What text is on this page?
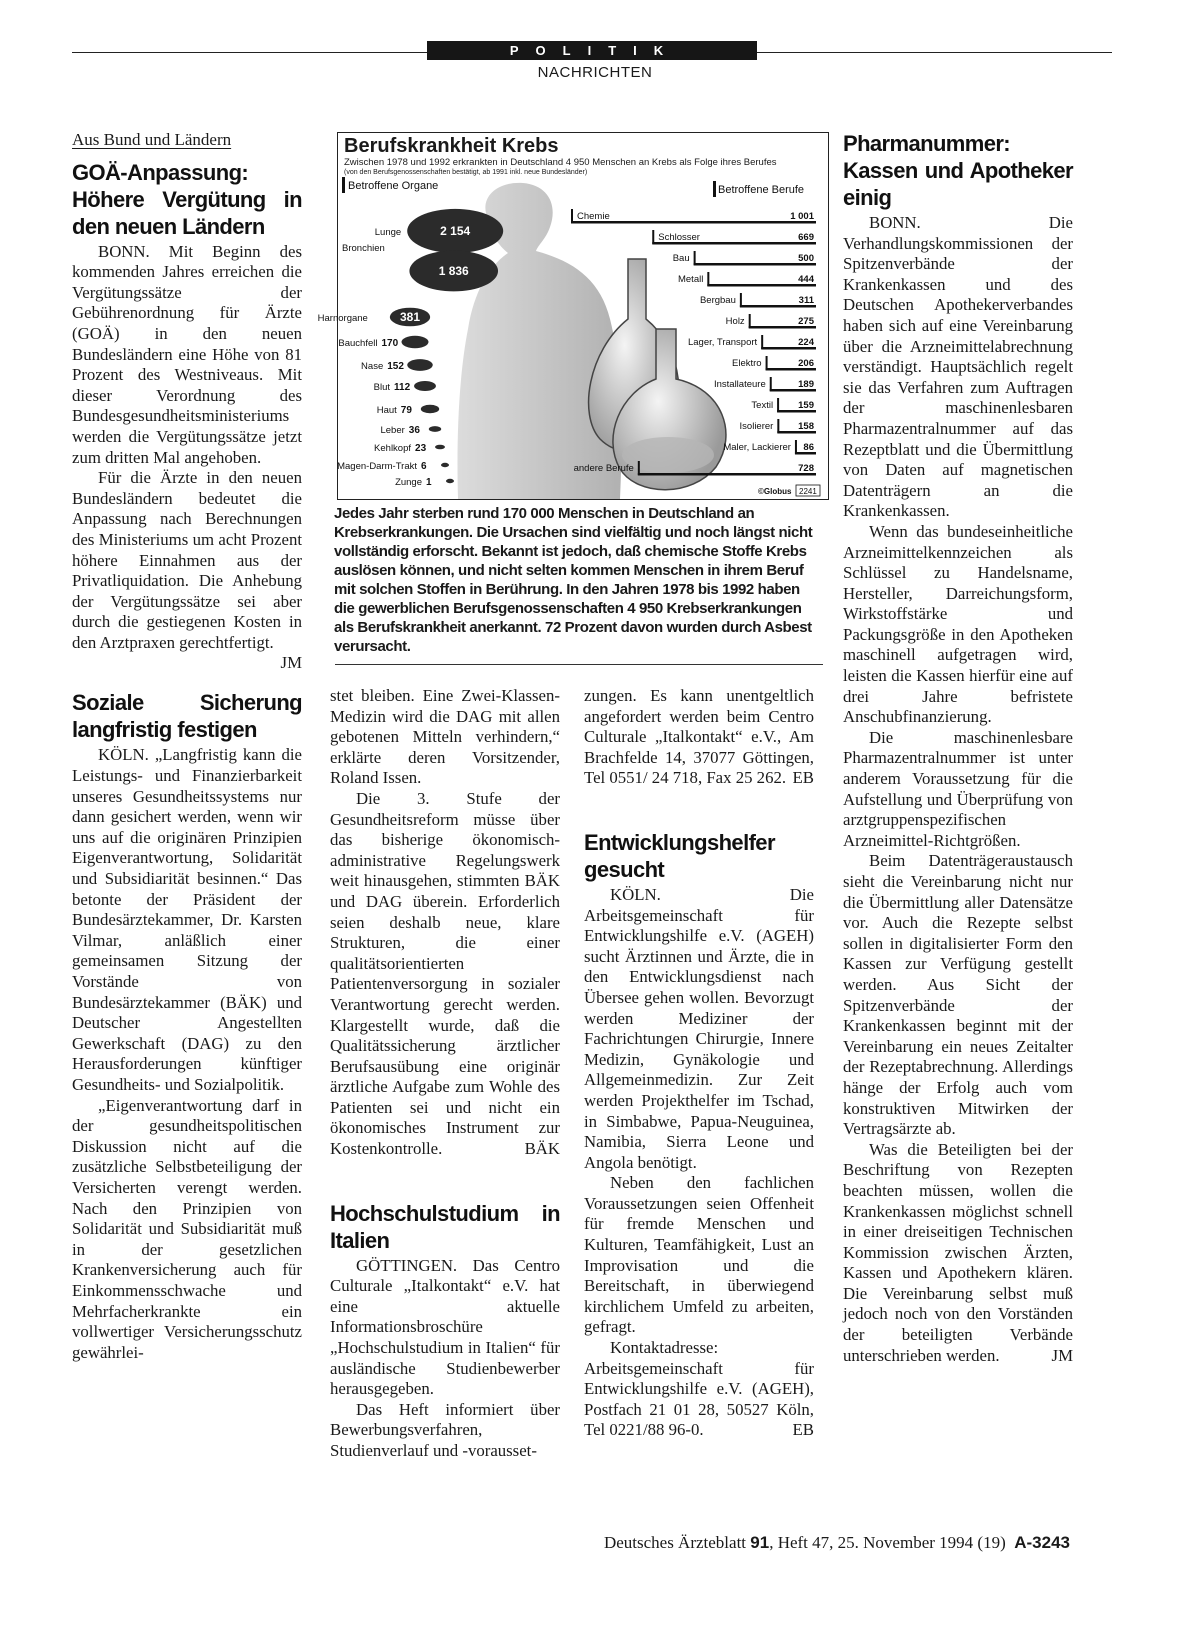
POLITIK
NACHRICHTEN
Aus Bund und Ländern
GOÄ-Anpassung: Höhere Vergütung in den neuen Ländern

BONN. Mit Beginn des kommenden Jahres erreichen die Vergütungssätze der Gebührenordnung für Ärzte (GOÄ) in den neuen Bundesländern eine Höhe von 81 Prozent des Westniveaus. Mit dieser Verordnung des Bundesgesundheitsministeriums werden die Vergütungssätze jetzt zum dritten Mal angehoben.

Für die Ärzte in den neuen Bundesländern bedeutet die Anpassung nach Berechnungen des Ministeriums um acht Prozent höhere Einnahmen aus der Privatliquidation. Die Anhebung der Vergütungssätze sei aber durch die gestiegenen Kosten in den Arztpraxen gerechtfertigt.
JM

Soziale Sicherung langfristig festigen

KÖLN. „Langfristig kann die Leistungs- und Finanzierbarkeit unseres Gesundheitssystems nur dann gesichert werden, wenn wir uns auf die originären Prinzipien Eigenverantwortung, Solidarität und Subsidiarität besinnen.“ Das betonte der Präsident der Bundesärztekammer, Dr. Karsten Vilmar, anläßlich einer gemeinsamen Sitzung der Vorstände von Bundesärztekammer (BÄK) und Deutscher Angestellten Gewerkschaft (DAG) zu den Herausforderungen künftiger Gesundheits- und Sozialpolitik.

„Eigenverantwortung darf in der gesundheitspolitischen Diskussion nicht auf die zusätzliche Selbstbeteiligung der Versicherten verengt werden. Nach den Prinzipien von Solidarität und Subsidiarität muß in der gesetzlichen Krankenversicherung auch für Einkommensschwache und Mehrfacherkrankte ein vollwertiger Versicherungsschutz gewährlei-

Berufskrankheit Krebs
Zwischen 1978 und 1992 erkrankten in Deutschland 4 950 Menschen an Krebs als Folge ihres Berufes
(von den Berufsgenossenschaften bestätigt, ab 1991 inkl. neue Bundesländer)
Betroffene Organe	Betroffene Berufe
Lunge	2 154
Bronchien
1 836
Harnorgane	381
Bauchfell 170
Nase 152
Blut 112
Haut 79
Leber 36
Kehlkopf 23
Magen-Darm-Trakt 6
Zunge 1
Chemie	1 001
Schlosser	669
Bau	500
Metall	444
Bergbau	311
Holz	275
Lager, Transport	224
Elektro	206
Installateure	189
Textil	159
Isolierer	158
Maler, Lackierer 86
andere Berufe	728
©Globus 2241
Jedes Jahr sterben rund 170 000 Menschen in Deutschland an Krebserkrankungen. Die Ursachen sind vielfältig und noch längst nicht vollständig erforscht. Bekannt ist jedoch, daß chemische Stoffe Krebs auslösen können, und nicht selten kommen Menschen in ihrem Beruf mit solchen Stoffen in Berührung. In den Jahren 1978 bis 1992 haben die gewerblichen Berufsgenossenschaften 4 950 Krebserkrankungen als Berufskrankheit anerkannt. 72 Prozent davon wurden durch Asbest verursacht.

stet bleiben. Eine Zwei-Klassen-Medizin wird die DAG mit allen gebotenen Mitteln verhindern,“ erklärte deren Vorsitzender, Roland Issen.

Die 3. Stufe der Gesundheitsreform müsse über das bisherige ökonomisch-administrative Regelungswerk weit hinausgehen, stimmten BÄK und DAG überein. Erforderlich seien deshalb neue, klare Strukturen, die einer qualitätsorientierten Patientenversorgung in sozialer Verantwortung gerecht werden. Klargestellt wurde, daß die Qualitätssicherung ärztlicher Berufsausübung eine originär ärztliche Aufgabe zum Wohle des Patienten sei und nicht ein ökonomisches Instrument zur Kostenkontrolle.	BÄK

Hochschulstudium in Italien

GÖTTINGEN. Das Centro Culturale „Italkontakt“ e.V. hat eine aktuelle Informationsbroschüre „Hochschulstudium in Italien“ für ausländische Studienbewerber herausgegeben.

Das Heft informiert über Bewerbungsverfahren, Studienverlauf und -vorausset-

zungen. Es kann unentgeltlich angefordert werden beim Centro Culturale „Italkontakt“ e.V., Am Brachfelde 14, 37077 Göttingen, Tel 0551/ 24 718, Fax 25 262. EB

Entwicklungshelfer gesucht

KÖLN. Die Arbeitsgemeinschaft für Entwicklungshilfe e.V. (AGEH) sucht Ärztinnen und Ärzte, die in den Entwicklungsdienst nach Übersee gehen wollen. Bevorzugt werden Mediziner der Fachrichtungen Chirurgie, Innere Medizin, Gynäkologie und Allgemeinmedizin. Zur Zeit werden Projekthelfer im Tschad, in Simbabwe, Papua-Neuguinea, Namibia, Sierra Leone und Angola benötigt.

Neben den fachlichen Voraussetzungen seien Offenheit für fremde Menschen und Kulturen, Teamfähigkeit, Lust an Improvisation und die Bereitschaft, in überwiegend kirchlichem Umfeld zu arbeiten, gefragt.

Kontaktadresse: Arbeitsgemeinschaft für Entwicklungshilfe e.V. (AGEH), Postfach 21 01 28, 50527 Köln, Tel 0221/88 96-0.	EB

Pharmanummer: Kassen und Apotheker einig

BONN. Die Verhandlungskommissionen der Spitzenverbände der Krankenkassen und des Deutschen Apothekerverbandes haben sich auf eine Vereinbarung über die Arzneimittelabrechnung verständigt. Hauptsächlich regelt sie das Verfahren zum Auftragen der maschinenlesbaren Pharmazentralnummer auf das Rezeptblatt und die Übermittlung von Daten auf magnetischen Datenträgern an die Krankenkassen.

Wenn das bundeseinheitliche Arzneimittelkennzeichen als Schlüssel zu Handelsname, Hersteller, Darreichungsform, Wirkstoffstärke und Packungsgröße in den Apotheken maschinell aufgetragen wird, leisten die Kassen hierfür eine auf drei Jahre befristete Anschubfinanzierung.

Die maschinenlesbare Pharmazentralnummer ist unter anderem Voraussetzung für die Aufstellung und Überprüfung von arztgruppenspezifischen Arzneimittel-Richtgrößen.

Beim Datenträgeraustausch sieht die Vereinbarung nicht nur die Übermittlung aller Datensätze vor. Auch die Rezepte selbst sollen in digitalisierter Form den Kassen zur Verfügung gestellt werden. Aus Sicht der Spitzenverbände der Krankenkassen beginnt mit der Vereinbarung ein neues Zeitalter der Rezeptabrechnung. Allerdings hänge der Erfolg auch vom konstruktiven Mitwirken der Vertragsärzte ab.

Was die Beteiligten bei der Beschriftung von Rezepten beachten müssen, wollen die Krankenkassen möglichst schnell in einer dreiseitigen Technischen Kommission zwischen Ärzten, Kassen und Apothekern klären. Die Vereinbarung selbst muß jedoch noch von den Vorständen der beteiligten Verbände unterschrieben werden.	JM

Deutsches Ärzteblatt 91, Heft 47, 25. November 1994 (19) A-3243
